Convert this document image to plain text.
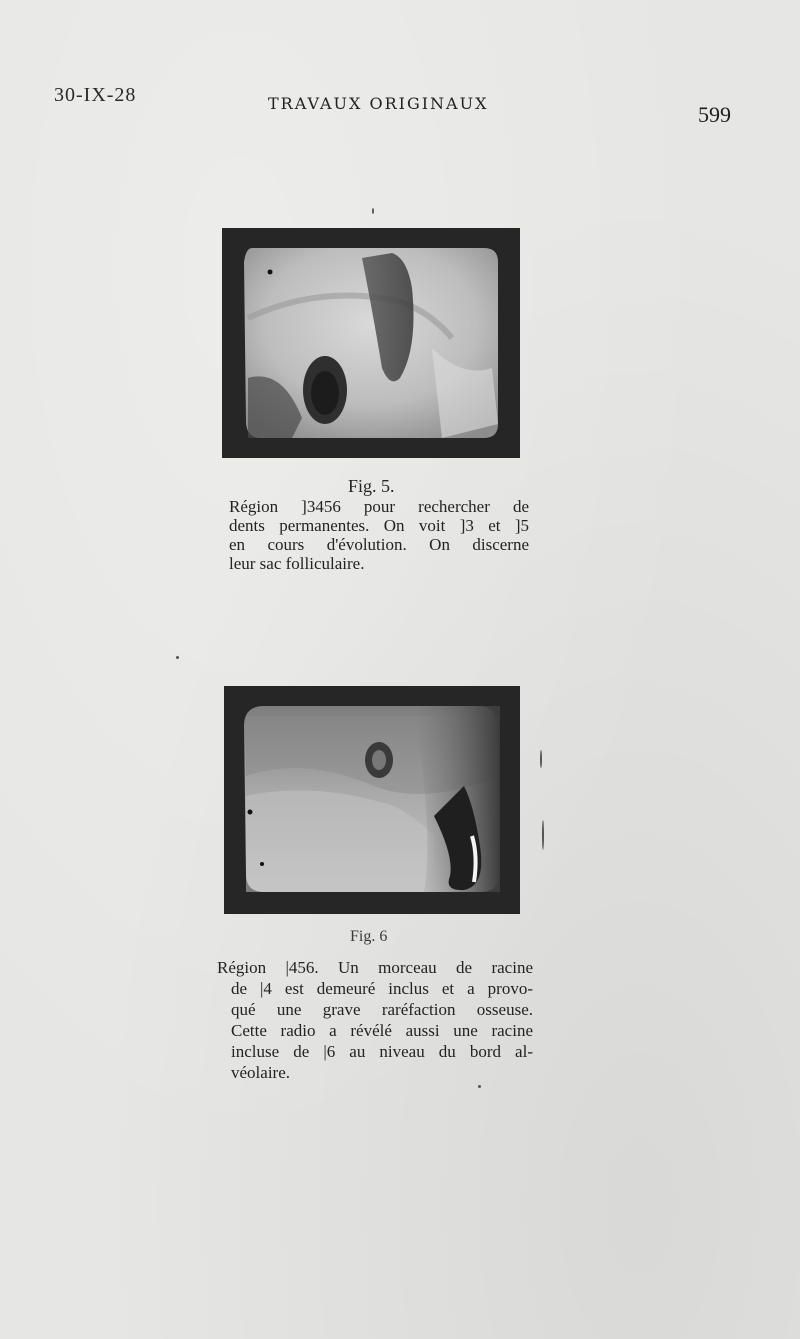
30-IX-28	TRAVAUX ORIGINAUX	599
Fig. 5.
Région ]3456 pour rechercher de
dents permanentes. On voit ]3 et ]5
en cours d'évolution. On discerne
leur sac folliculaire.
Fig. 6
Région |456. Un morceau de racine
de |4 est demeuré inclus et a provo-
qué une grave raréfaction osseuse.
Cette radio a révélé aussi une racine
incluse de |6 au niveau du bord al-
véolaire.
